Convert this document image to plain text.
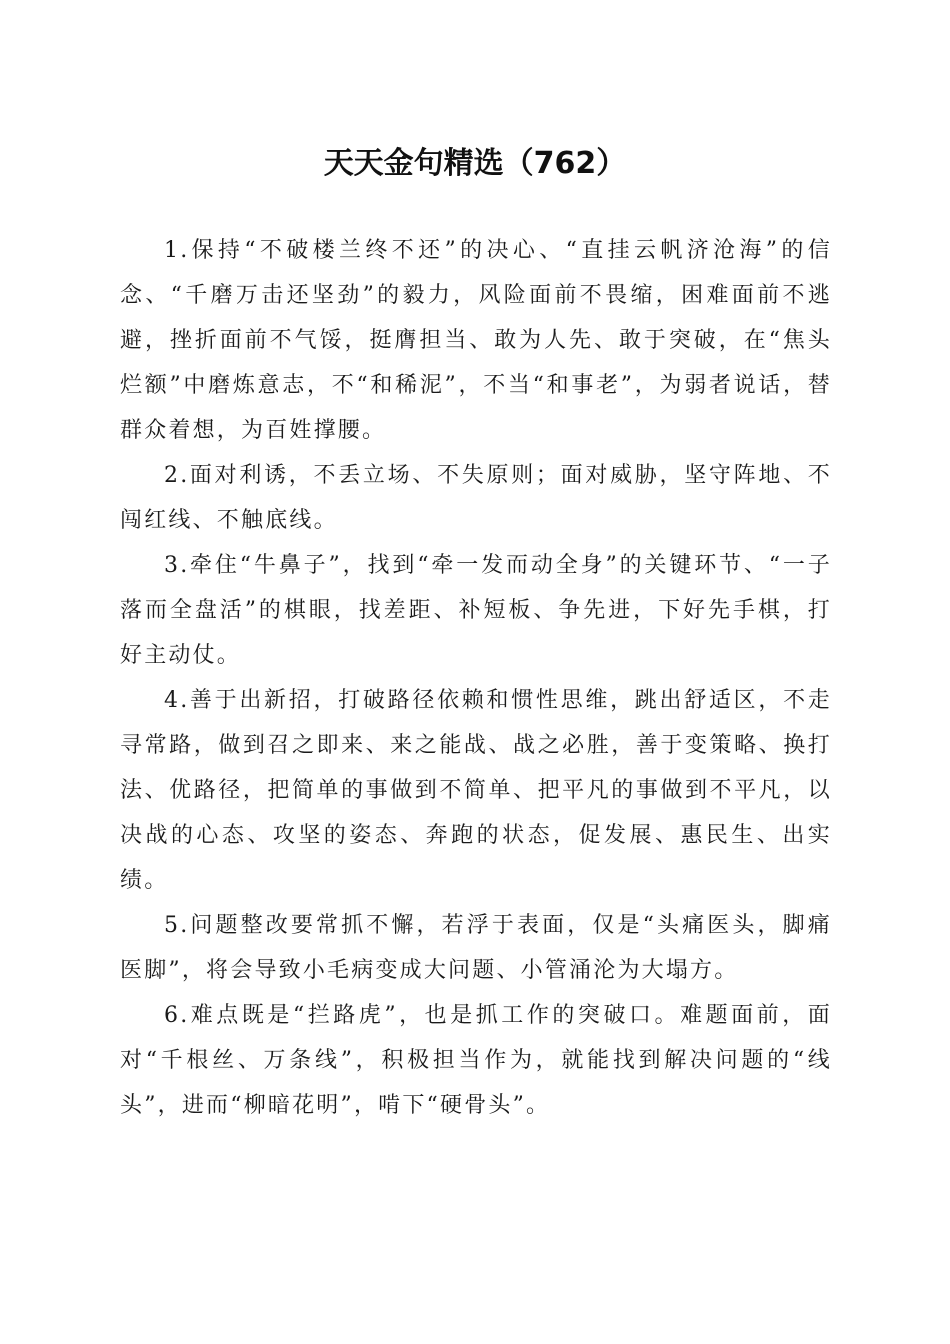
天天金句精选（762）

1.保持“不破楼兰终不还”的决心、“直挂云帆济沧海”的信念、“千磨万击还坚劲”的毅力，风险面前不畏缩，困难面前不逃避，挫折面前不气馁，挺膺担当、敢为人先、敢于突破，在“焦头烂额”中磨炼意志，不“和稀泥”，不当“和事老”，为弱者说话，替群众着想，为百姓撑腰。

2.面对利诱，不丢立场、不失原则；面对威胁，坚守阵地、不闯红线、不触底线。

3.牵住“牛鼻子”，找到“牵一发而动全身”的关键环节、“一子落而全盘活”的棋眼，找差距、补短板、争先进，下好先手棋，打好主动仗。

4.善于出新招，打破路径依赖和惯性思维，跳出舒适区，不走寻常路，做到召之即来、来之能战、战之必胜，善于变策略、换打法、优路径，把简单的事做到不简单、把平凡的事做到不平凡，以决战的心态、攻坚的姿态、奔跑的状态，促发展、惠民生、出实绩。

5.问题整改要常抓不懈，若浮于表面，仅是“头痛医头，脚痛医脚”，将会导致小毛病变成大问题、小管涌沦为大塌方。

6.难点既是“拦路虎”，也是抓工作的突破口。难题面前，面对“千根丝、万条线”，积极担当作为，就能找到解决问题的“线头”，进而“柳暗花明”，啃下“硬骨头”。
